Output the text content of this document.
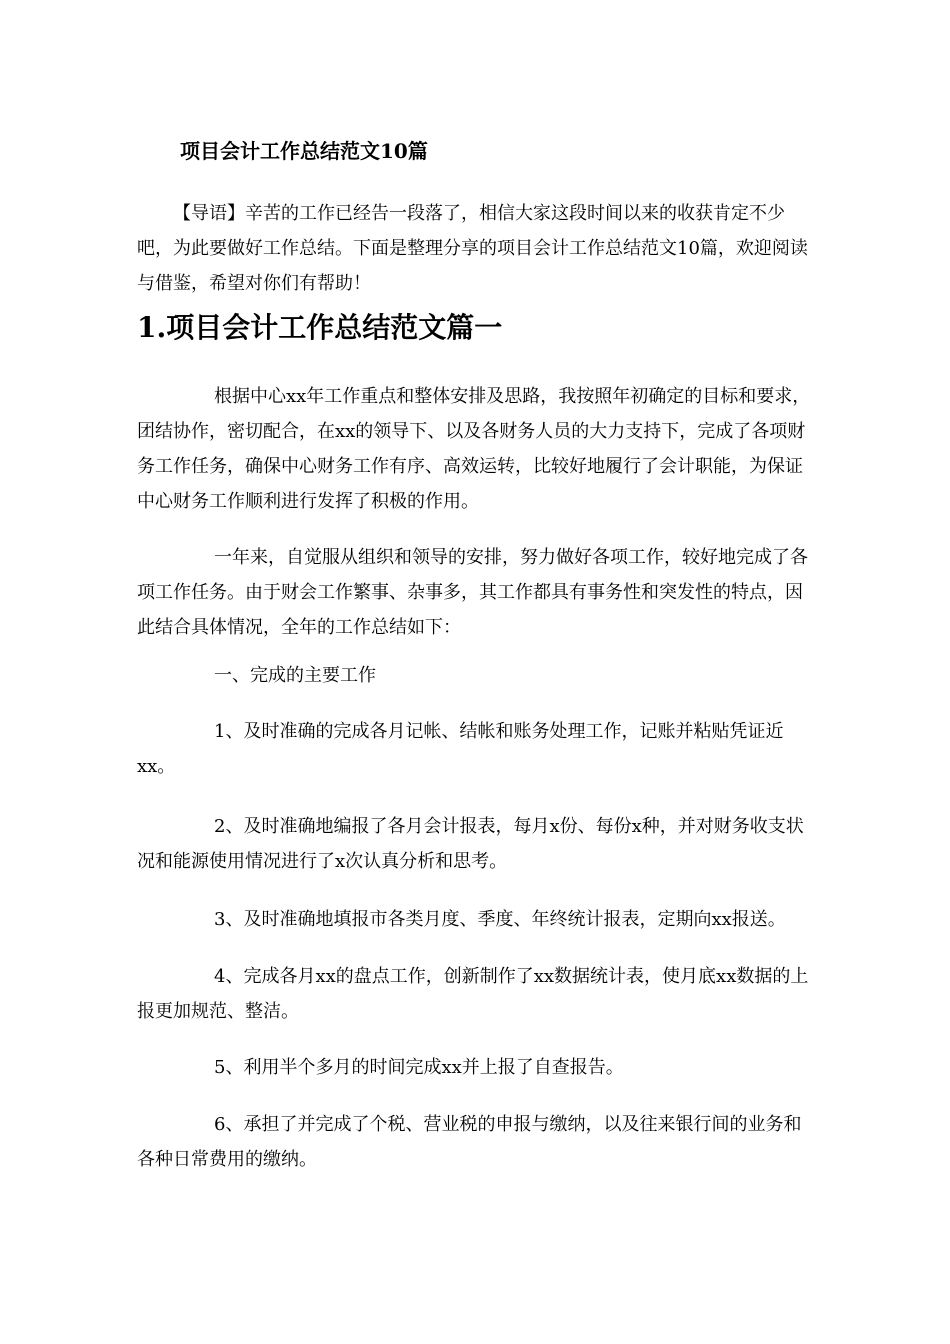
项目会计工作总结范文10篇

【导语】辛苦的工作已经告一段落了，相信大家这段时间以来的收获肯定不少吧，为此要做好工作总结。下面是整理分享的项目会计工作总结范文10篇，欢迎阅读与借鉴，希望对你们有帮助！

1.项目会计工作总结范文篇一

根据中心xx年工作重点和整体安排及思路，我按照年初确定的目标和要求，团结协作，密切配合，在xx的领导下、以及各财务人员的大力支持下，完成了各项财务工作任务，确保中心财务工作有序、高效运转，比较好地履行了会计职能，为保证中心财务工作顺利进行发挥了积极的作用。

一年来，自觉服从组织和领导的安排，努力做好各项工作，较好地完成了各项工作任务。由于财会工作繁事、杂事多，其工作都具有事务性和突发性的特点，因此结合具体情况，全年的工作总结如下：

一、完成的主要工作

1、及时准确的完成各月记帐、结帐和账务处理工作，记账并粘贴凭证近xx。

2、及时准确地编报了各月会计报表，每月x份、每份x种，并对财务收支状况和能源使用情况进行了x次认真分析和思考。

3、及时准确地填报市各类月度、季度、年终统计报表，定期向xx报送。

4、完成各月xx的盘点工作，创新制作了xx数据统计表，使月底xx数据的上报更加规范、整洁。

5、利用半个多月的时间完成xx并上报了自查报告。

6、承担了并完成了个税、营业税的申报与缴纳，以及往来银行间的业务和各种日常费用的缴纳。
